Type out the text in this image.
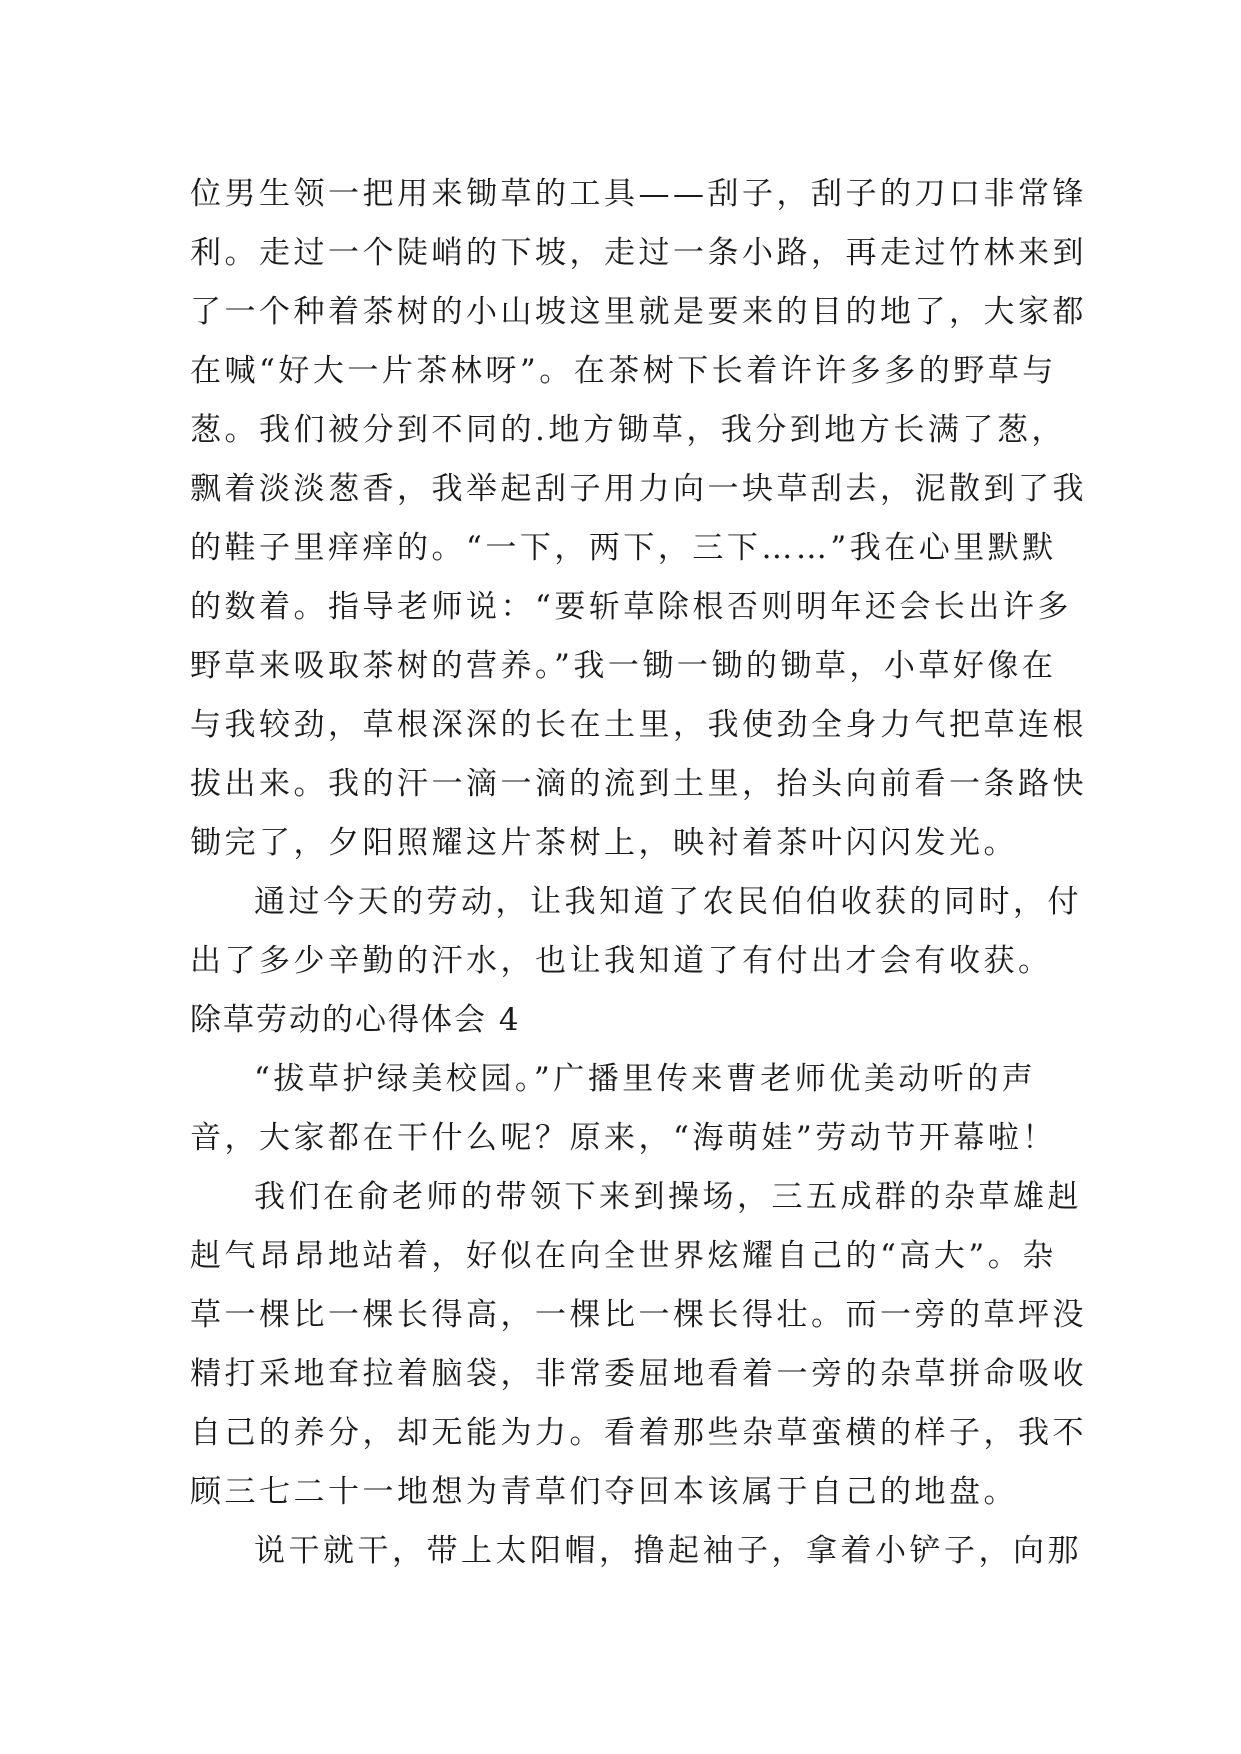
位男生领一把用来锄草的工具——刮子，刮子的刀口非常锋
利。走过一个陡峭的下坡，走过一条小路，再走过竹林来到
了一个种着茶树的小山坡这里就是要来的目的地了，大家都
在喊“好大一片茶林呀”。在茶树下长着许许多多的野草与
葱。我们被分到不同的.地方锄草，我分到地方长满了葱，
飘着淡淡葱香，我举起刮子用力向一块草刮去，泥散到了我
的鞋子里痒痒的。“一下，两下，三下……”我在心里默默
的数着。指导老师说：“要斩草除根否则明年还会长出许多
野草来吸取茶树的营养。”我一锄一锄的锄草，小草好像在
与我较劲，草根深深的长在土里，我使劲全身力气把草连根
拔出来。我的汗一滴一滴的流到土里，抬头向前看一条路快
锄完了，夕阳照耀这片茶树上，映衬着茶叶闪闪发光。
通过今天的劳动，让我知道了农民伯伯收获的同时，付
出了多少辛勤的汗水，也让我知道了有付出才会有收获。
除草劳动的心得体会 4
“拔草护绿美校园。”广播里传来曹老师优美动听的声
音，大家都在干什么呢？原来，“海萌娃”劳动节开幕啦！
我们在俞老师的带领下来到操场，三五成群的杂草雄赳
赳气昂昂地站着，好似在向全世界炫耀自己的“高大”。杂
草一棵比一棵长得高，一棵比一棵长得壮。而一旁的草坪没
精打采地耷拉着脑袋，非常委屈地看着一旁的杂草拼命吸收
自己的养分，却无能为力。看着那些杂草蛮横的样子，我不
顾三七二十一地想为青草们夺回本该属于自己的地盘。
说干就干，带上太阳帽，撸起袖子，拿着小铲子，向那
